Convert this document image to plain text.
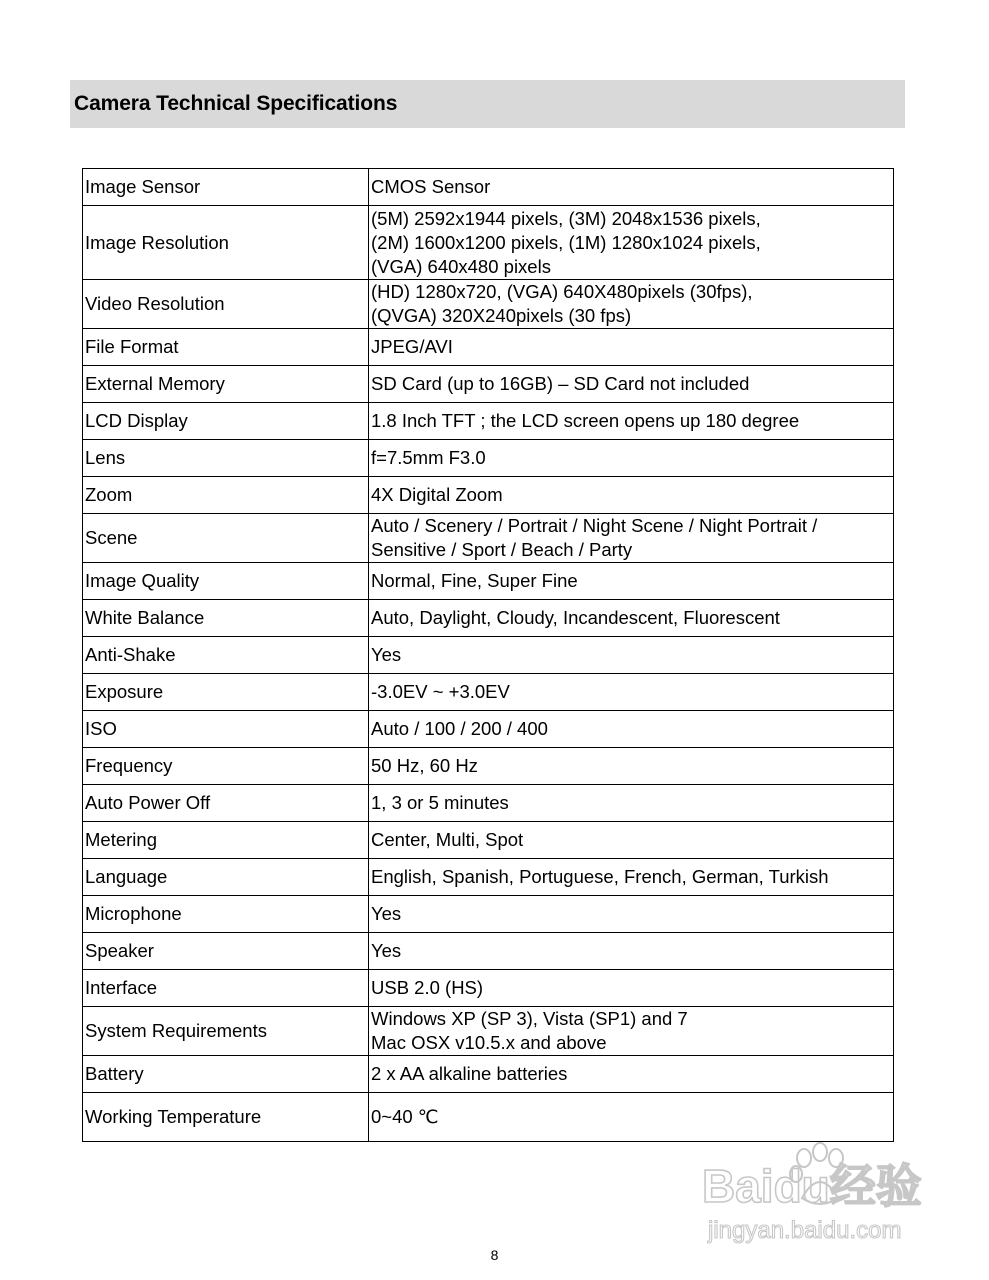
Camera Technical Specifications
Image Sensor	CMOS Sensor

Image Resolution	(5M) 2592x1944 pixels, (3M) 2048x1536 pixels,
(2M) 1600x1200 pixels, (1M) 1280x1024 pixels,
(VGA) 640x480 pixels

Video Resolution	(HD) 1280x720, (VGA) 640X480pixels (30fps),
(QVGA) 320X240pixels (30 fps)

File Format	JPEG/AVI

External Memory	SD Card (up to 16GB) – SD Card not included

LCD Display	1.8 Inch TFT ; the LCD screen opens up 180 degree

Lens	f=7.5mm F3.0

Zoom	4X Digital Zoom

Scene	Auto / Scenery / Portrait / Night Scene / Night Portrait /
Sensitive / Sport / Beach / Party

Image Quality	Normal, Fine, Super Fine

White Balance	Auto, Daylight, Cloudy, Incandescent, Fluorescent

Anti-Shake	Yes

Exposure	-3.0EV ~ +3.0EV

ISO	Auto / 100 / 200 / 400

Frequency	50 Hz, 60 Hz

Auto Power Off	1, 3 or 5 minutes

Metering	Center, Multi, Spot

Language	English, Spanish, Portuguese, French, German, Turkish

Microphone	Yes

Speaker	Yes

Interface	USB 2.0 (HS)

System Requirements	Windows XP (SP 3), Vista (SP1) and 7
Mac OSX v10.5.x and above

Battery	2 x AA alkaline batteries

Working Temperature	0~40 ℃
Baidu经验
jingyan.baidu.com
8
